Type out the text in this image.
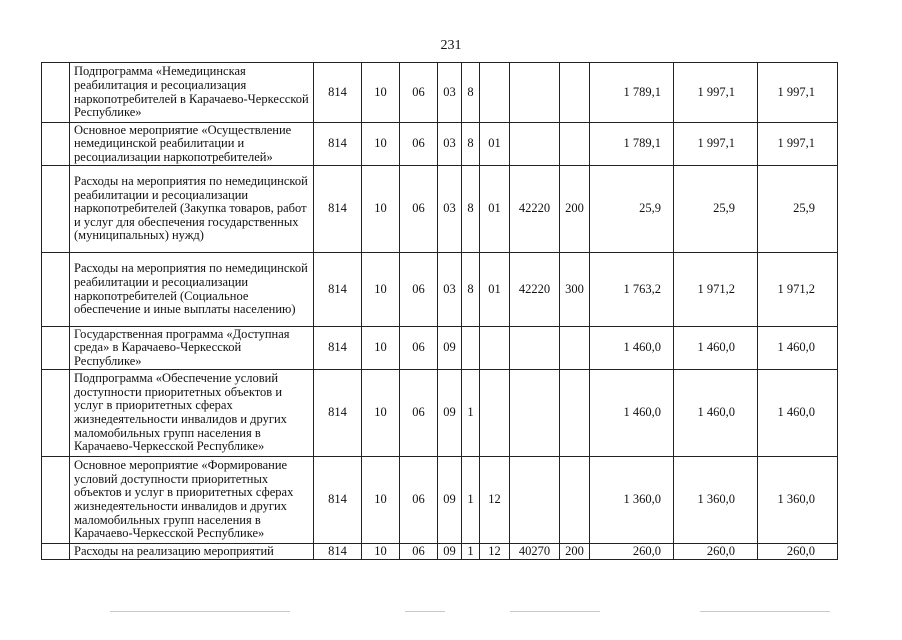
231
	Подпрограмма «Немедицинская реабилитация и ресоциализация наркопотребителей в Карачаево-Черкесской Республике»	814	10	06	03	8				1 789,1	1 997,1	1 997,1
	Основное мероприятие «Осуществление немедицинской реабилитации и ресоциализации наркопотребителей»	814	10	06	03	8	01			1 789,1	1 997,1	1 997,1
	Расходы на мероприятия по немедицинской реабилитации и ресоциализации наркопотребителей (Закупка товаров, работ и услуг для обеспечения государственных (муниципальных) нужд)	814	10	06	03	8	01	42220	200	25,9	25,9	25,9
	Расходы на мероприятия по немедицинской реабилитации и ресоциализации наркопотребителей (Социальное обеспечение и иные выплаты населению)	814	10	06	03	8	01	42220	300	1 763,2	1 971,2	1 971,2
	Государственная программа «Доступная среда» в Карачаево-Черкесской Республике»	814	10	06	09					1 460,0	1 460,0	1 460,0
	Подпрограмма «Обеспечение условий доступности приоритетных объектов и услуг в приоритетных сферах жизнедеятельности инвалидов и других маломобильных групп населения в Карачаево-Черкесской Республике»	814	10	06	09	1				1 460,0	1 460,0	1 460,0
	Основное мероприятие «Формирование условий доступности приоритетных объектов и услуг в приоритетных сферах жизнедеятельности инвалидов и других маломобильных групп населения в Карачаево-Черкесской Республике»	814	10	06	09	1	12			1 360,0	1 360,0	1 360,0
	Расходы на реализацию мероприятий	814	10	06	09	1	12	40270	200	260,0	260,0	260,0
